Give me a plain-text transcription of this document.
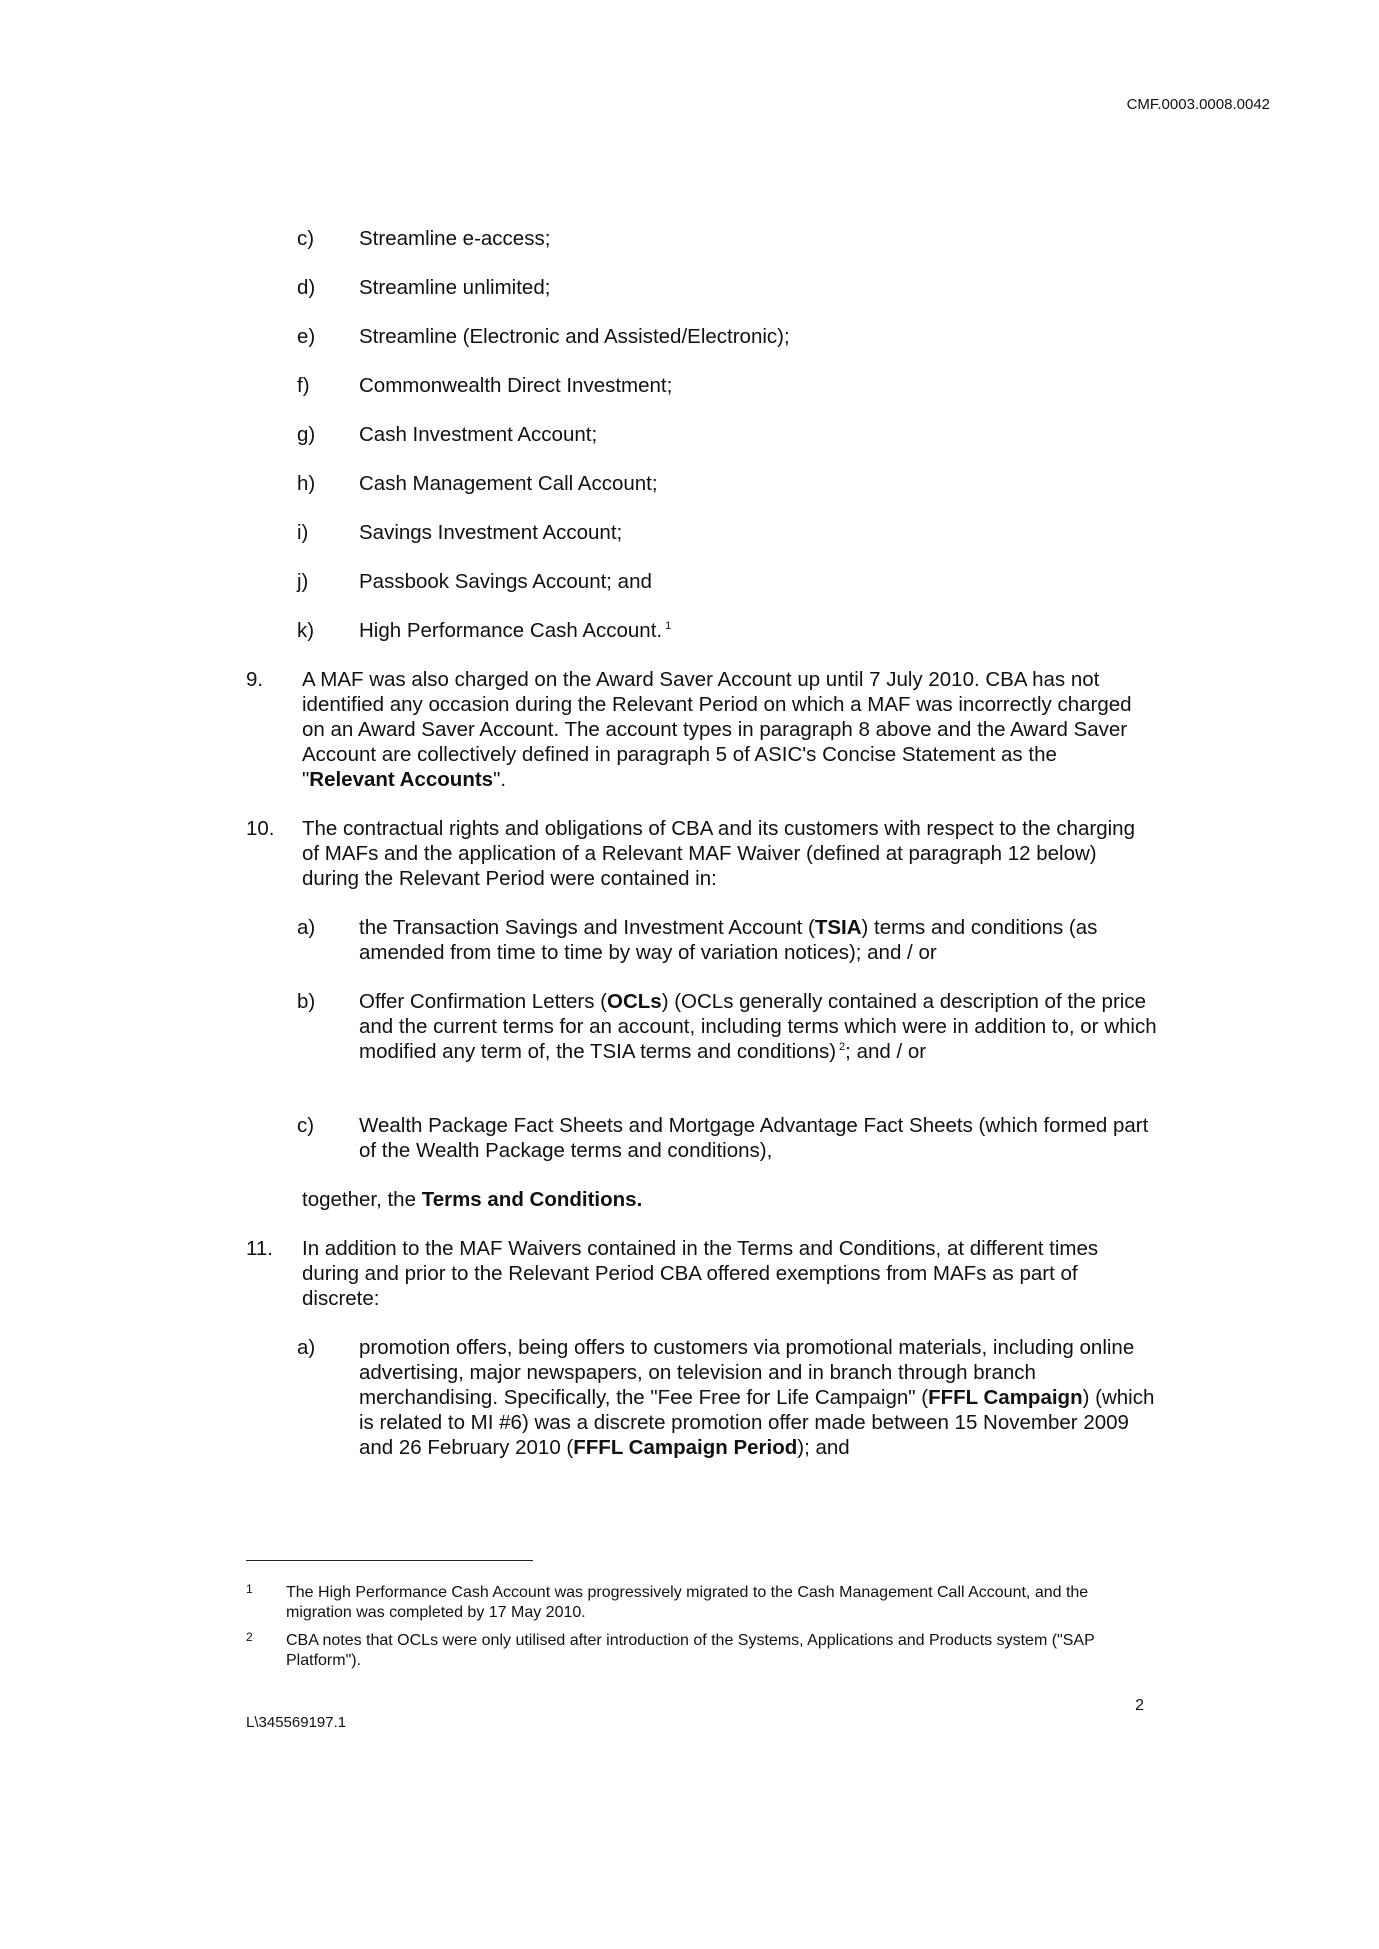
CMF.0003.0008.0042
c) Streamline e-access;
d) Streamline unlimited;
e) Streamline (Electronic and Assisted/Electronic);
f) Commonwealth Direct Investment;
g) Cash Investment Account;
h) Cash Management Call Account;
i) Savings Investment Account;
j) Passbook Savings Account; and
k) High Performance Cash Account. $^1$
9. A MAF was also charged on the Award Saver Account up until 7 July 2010. CBA has not identified any occasion during the Relevant Period on which a MAF was incorrectly charged on an Award Saver Account. The account types in paragraph 8 above and the Award Saver Account are collectively defined in paragraph 5 of ASIC's Concise Statement as the "Relevant Accounts".
10. The contractual rights and obligations of CBA and its customers with respect to the charging of MAFs and the application of a Relevant MAF Waiver (defined at paragraph 12 below) during the Relevant Period were contained in:
a) the Transaction Savings and Investment Account (TSIA) terms and conditions (as amended from time to time by way of variation notices); and / or
b) Offer Confirmation Letters (OCLs) (OCLs generally contained a description of the price and the current terms for an account, including terms which were in addition to, or which modified any term of, the TSIA terms and conditions) $^2$; and / or
c) Wealth Package Fact Sheets and Mortgage Advantage Fact Sheets (which formed part of the Wealth Package terms and conditions),
together, the Terms and Conditions.
11. In addition to the MAF Waivers contained in the Terms and Conditions, at different times during and prior to the Relevant Period CBA offered exemptions from MAFs as part of discrete:
a) promotion offers, being offers to customers via promotional materials, including online advertising, major newspapers, on television and in branch through branch merchandising. Specifically, the "Fee Free for Life Campaign" (FFFL Campaign) (which is related to MI #6) was a discrete promotion offer made between 15 November 2009 and 26 February 2010 (FFFL Campaign Period); and
1 The High Performance Cash Account was progressively migrated to the Cash Management Call Account, and the migration was completed by 17 May 2010.
2 CBA notes that OCLs were only utilised after introduction of the Systems, Applications and Products system ("SAP Platform").
2
L\345569197.1
